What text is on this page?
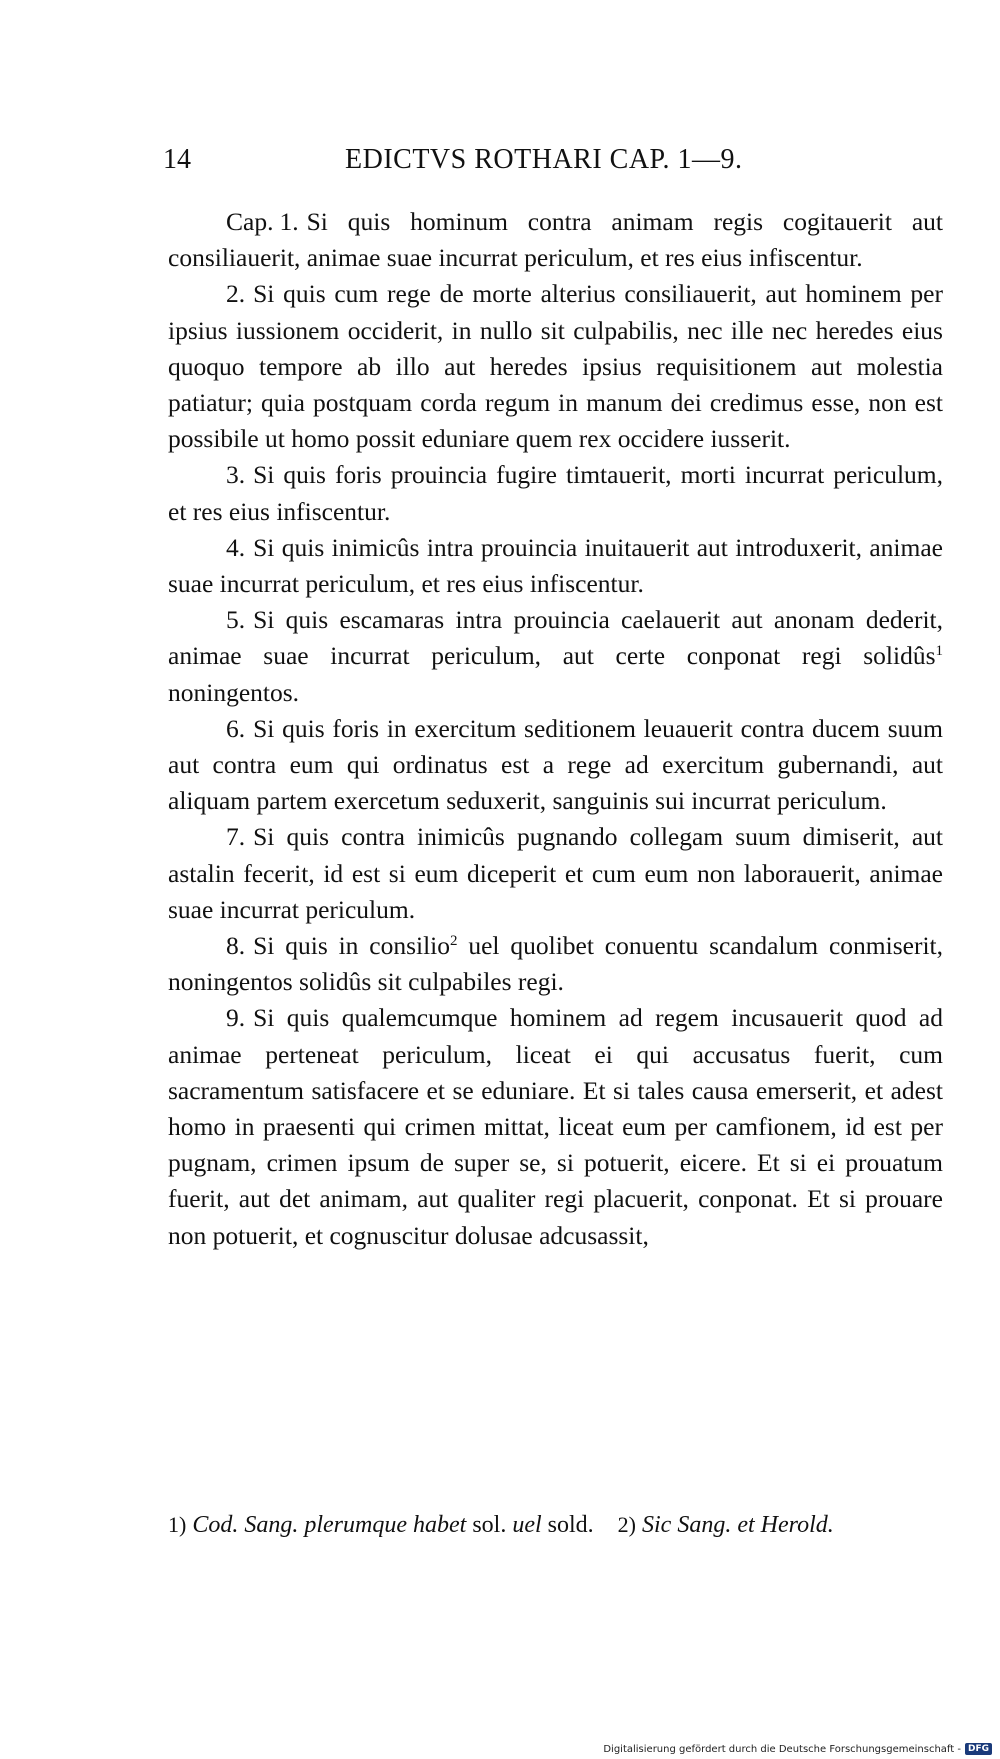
14	EDICTVS ROTHARI CAP. 1—9.

Cap. 1. Si quis hominum contra animam regis cogitauerit aut consiliauerit, animae suae incurrat periculum, et res eius infiscentur.

2. Si quis cum rege de morte alterius consiliauerit, aut hominem per ipsius iussionem occiderit, in nullo sit culpabilis, nec ille nec heredes eius quoquo tempore ab illo aut heredes ipsius requisitionem aut molestia patiatur; quia postquam corda regum in manum dei credimus esse, non est possibile ut homo possit eduniare quem rex occidere iusserit.

3. Si quis foris prouincia fugire timtauerit, morti incurrat periculum, et res eius infiscentur.

4. Si quis inimicûs intra prouincia inuitauerit aut introduxerit, animae suae incurrat periculum, et res eius infiscentur.

5. Si quis escamaras intra prouincia caelauerit aut anonam dederit, animae suae incurrat periculum, aut certe conponat regi solidûs$^1$ noningentos.

6. Si quis foris in exercitum seditionem leuauerit contra ducem suum aut contra eum qui ordinatus est a rege ad exercitum gubernandi, aut aliquam partem exercetum seduxerit, sanguinis sui incurrat periculum.

7. Si quis contra inimicûs pugnando collegam suum dimiserit, aut astalin fecerit, id est si eum diceperit et cum eum non laborauerit, animae suae incurrat periculum.

8. Si quis in consilio$^2$ uel quolibet conuentu scandalum conmiserit, noningentos solidûs sit culpabiles regi.

9. Si quis qualemcumque hominem ad regem incusauerit quod ad animae perteneat periculum, liceat ei qui accusatus fuerit, cum sacramentum satisfacere et se eduniare. Et si tales causa emerserit, et adest homo in praesenti qui crimen mittat, liceat eum per camfionem, id est per pugnam, crimen ipsum de super se, si potuerit, eicere. Et si ei prouatum fuerit, aut det animam, aut qualiter regi placuerit, conponat. Et si prouare non potuerit, et cognuscitur dolusae adcusassit,

1) Cod. Sang. plerumque habet sol. uel sold. 2) Sic Sang. et Herold.
Digitalisierung gefördert durch die Deutsche Forschungsgemeinschaft - DFG
